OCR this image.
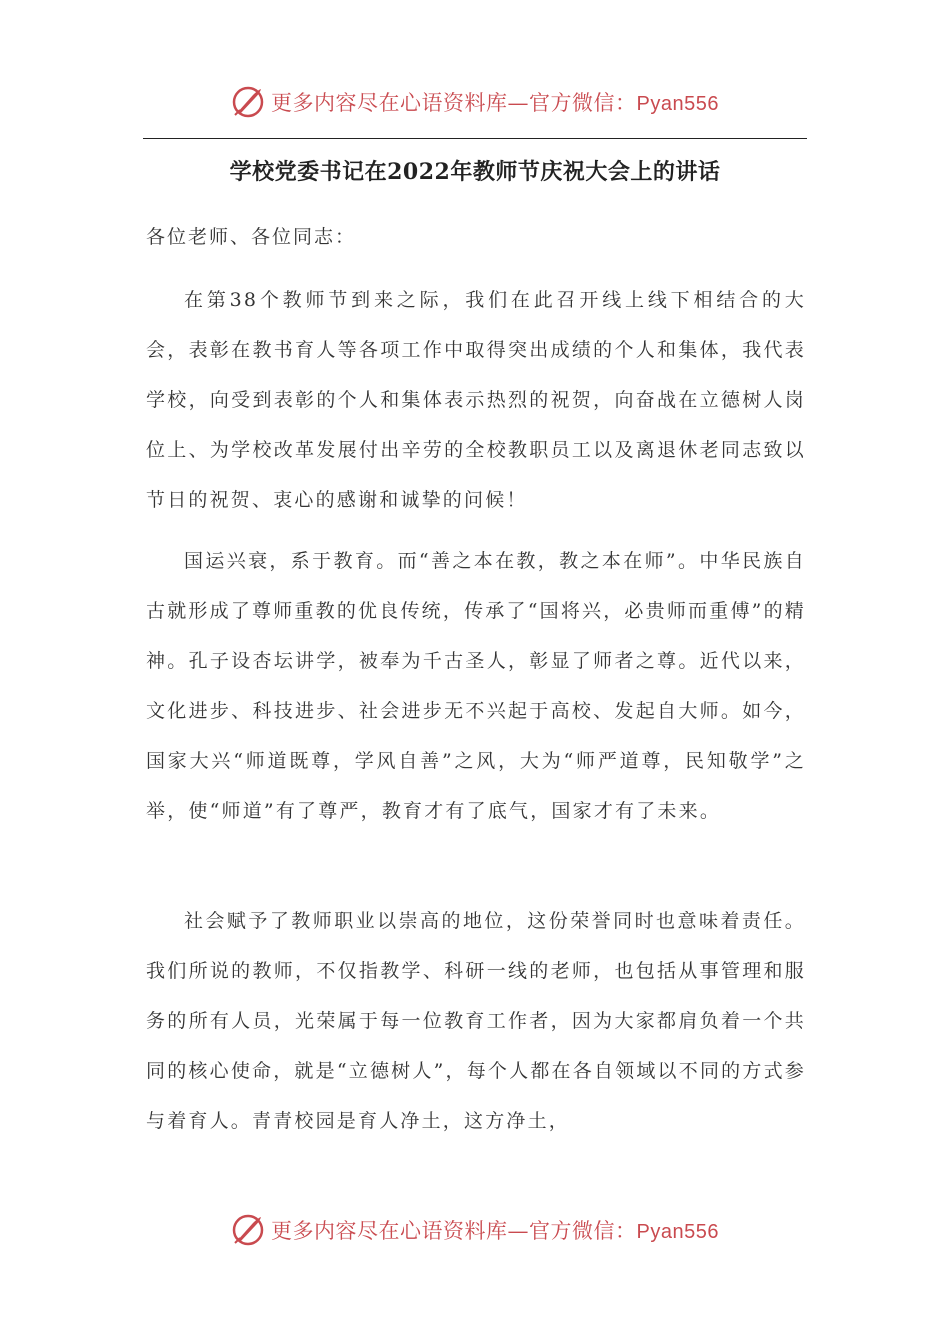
更多内容尽在心语资料库—官方微信：Pyan556
学校党委书记在2022年教师节庆祝大会上的讲话
各位老师、各位同志：

在第38个教师节到来之际，我们在此召开线上线下相结合的大会，表彰在教书育人等各项工作中取得突出成绩的个人和集体，我代表学校，向受到表彰的个人和集体表示热烈的祝贺，向奋战在立德树人岗位上、为学校改革发展付出辛劳的全校教职员工以及离退休老同志致以节日的祝贺、衷心的感谢和诚挚的问候！

国运兴衰，系于教育。而“善之本在教，教之本在师”。中华民族自古就形成了尊师重教的优良传统，传承了“国将兴，必贵师而重傅”的精神。孔子设杏坛讲学，被奉为千古圣人，彰显了师者之尊。近代以来，文化进步、科技进步、社会进步无不兴起于高校、发起自大师。如今，国家大兴“师道既尊，学风自善”之风，大为“师严道尊，民知敬学”之举，使“师道”有了尊严，教育才有了底气，国家才有了未来。

社会赋予了教师职业以崇高的地位，这份荣誉同时也意味着责任。我们所说的教师，不仅指教学、科研一线的老师，也包括从事管理和服务的所有人员，光荣属于每一位教育工作者，因为大家都肩负着一个共同的核心使命，就是“立德树人”，每个人都在各自领域以不同的方式参与着育人。青青校园是育人净土，这方净土，

更多内容尽在心语资料库—官方微信：Pyan556
